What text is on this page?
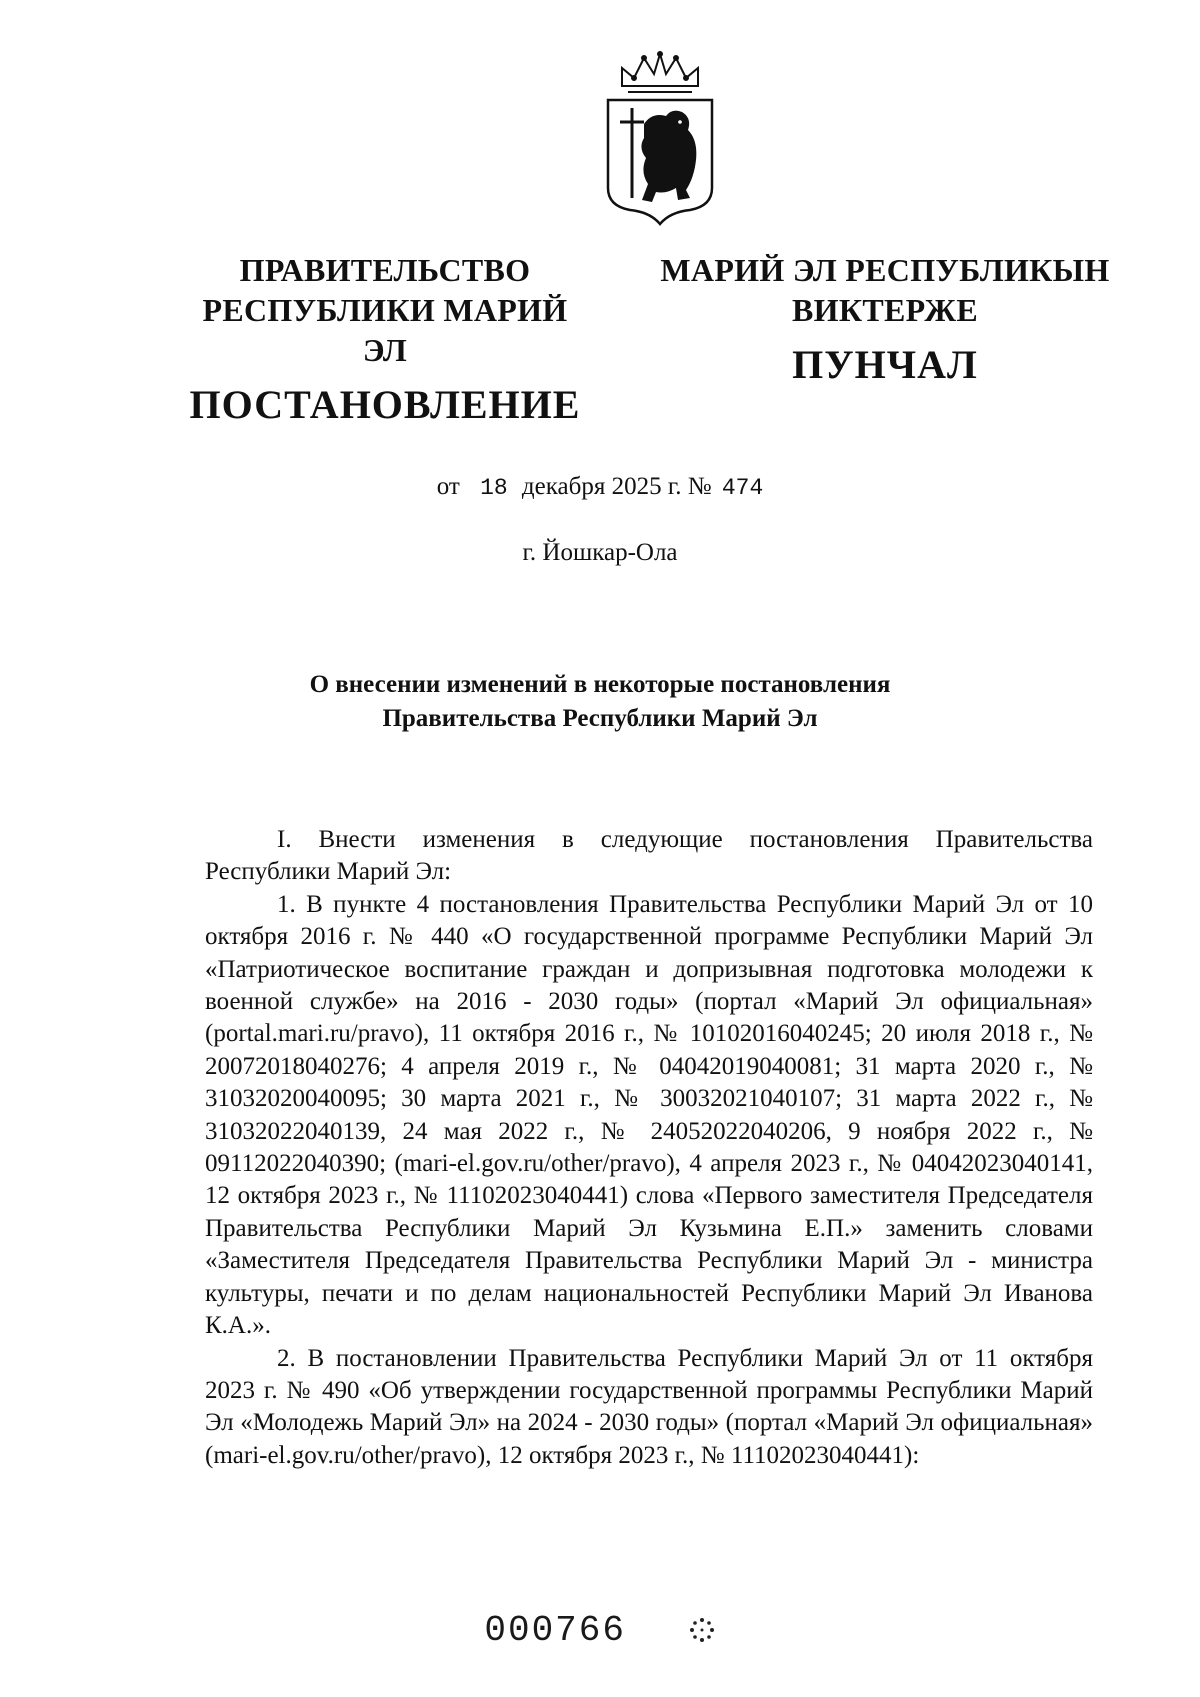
ПРАВИТЕЛЬСТВО
РЕСПУБЛИКИ МАРИЙ ЭЛ
ПОСТАНОВЛЕНИЕ
МАРИЙ ЭЛ РЕСПУБЛИКЫН
ВИКТЕРЖЕ
ПУНЧАЛ
от 18 декабря 2025 г. № 474
г. Йошкар-Ола
О внесении изменений в некоторые постановления
Правительства Республики Марий Эл

I. Внести изменения в следующие постановления Правительства Республики Марий Эл:

1. В пункте 4 постановления Правительства Республики Марий Эл от 10 октября 2016 г. № 440 «О государственной программе Республики Марий Эл «Патриотическое воспитание граждан и допризывная подготовка молодежи к военной службе» на 2016 - 2030 годы» (портал «Марий Эл официальная» (portal.mari.ru/pravo), 11 октября 2016 г., № 10102016040245; 20 июля 2018 г., № 20072018040276; 4 апреля 2019 г., № 04042019040081; 31 марта 2020 г., № 31032020040095; 30 марта 2021 г., № 30032021040107; 31 марта 2022 г., № 31032022040139, 24 мая 2022 г., № 24052022040206, 9 ноября 2022 г., № 09112022040390; (mari-el.gov.ru/other/pravo), 4 апреля 2023 г., № 04042023040141, 12 октября 2023 г., № 11102023040441) слова «Первого заместителя Председателя Правительства Республики Марий Эл Кузьмина Е.П.» заменить словами «Заместителя Председателя Правительства Республики Марий Эл - министра культуры, печати и по делам национальностей Республики Марий Эл Иванова К.А.».

2. В постановлении Правительства Республики Марий Эл от 11 октября 2023 г. № 490 «Об утверждении государственной программы Республики Марий Эл «Молодежь Марий Эл» на 2024 - 2030 годы» (портал «Марий Эл официальная» (mari-el.gov.ru/other/pravo), 12 октября 2023 г., № 11102023040441):

000766
